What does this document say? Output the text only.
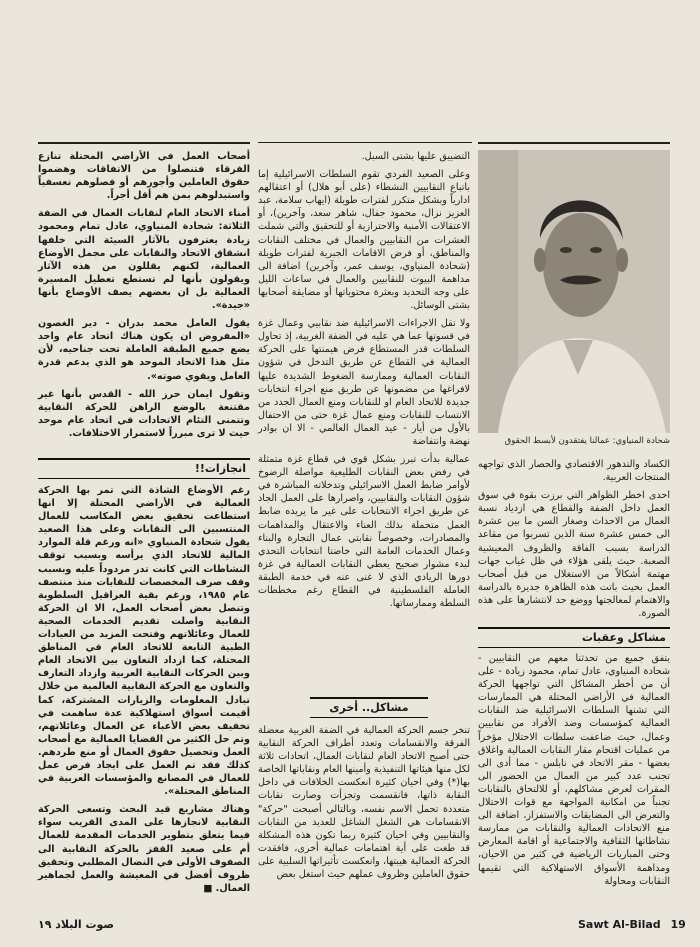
شحادة المنياوي: عمالنا يفتقدون لأبسط الحقوق

الكساد والتدهور الاقتصادي والحصار الذي تواجهه المنتجات العربية.

احدى اخطر الظواهر التي برزت بقوة في سوق العمل داخل الضفة والقطاع هي ازدياد نسبة العمال من الاحداث وصغار السن ما بين عشرة الى خمس عشرة سنة الذين تسربوا من مقاعد الدراسة بسبب الفاقة والظروف المعيشية الصعبة. حيث يلقى هؤلاء في ظل غياب جهات مهتمة أشكالاً من الاستغلال من قبل أصحاب العمل بحيث باتت هذه الظاهرة جديرة بالدراسة والاهتمام لمعالجتها ووضع حد لانتشارها على هذه الصورة.

مشاكل وعقبات

يتفق جميع من تحدثنا معهم من النقابيين - شحادة المنياوي، عادل تمام، محمود زيادة - على أن من أخطر المشاكل التي تواجهها الحركة العمالية في الأراضي المحتلة هي الممارسات التي تشنها السلطات الاسرائيلية ضد النقابات العمالية كمؤسسات وضد الأفراد من نقابيين وعمال، حيث ضاعفت سلطات الاحتلال مؤخراً من عمليات اقتحام مقار النقابات العمالية واغلاق بعضها - مقر الاتحاد في نابلس - مما أدى الى تجنب عدد كبير من العمال من الحضور الى المقرات لعرض مشاكلهم، أو للالتحاق بالنقابات تجنباً من امكانية المواجهة مع قوات الاحتلال والتعرض الى المضايقات والاستفزاز، اضافة الى منع الاتحادات العمالية والنقابات من ممارسة نشاطاتها الثقافية والاجتماعية أو اقامة المعارض وحتى المباريات الرياضية في كثير من الاحيان، ومداهمة الأسواق الاستهلاكية التي تقيمها النقابات ومحاولة

التضييق عليها بشتى السبل.

وعلى الصعيد الفردي تقوم السلطات الاسرائيلية إما باتباع النقابيين النشطاء (على أبو هلال) أو اعتقالهم ادارياً وبشكل متكرر لفترات طويلة (ايهاب سلامة، عبد العزيز نزال، محمود جفال، شاهر سعد، وآخرين)، أو الاعتقالات الأمنية والاحترازية أو للتحقيق والتي شملت العشرات من النقابيين والعمال في مختلف النقابات والمناطق، أو فرض الاقامات الجبرية لفترات طويلة (شحادة المنياوي، يوسف عمر، وآخرين) اضافة الى مداهمة البيوت للنقابيين والعمال في ساعات الليل على وجه التحديد وبعثرة محتوياتها أو مضايقة أصحابها بشتى الوسائل.

ولا تقل الاجراءات الاسرائيلية ضد نقابيي وعمال غزة في قسوتها عما هي عليه في الضفة الغربية، إذ تحاول السلطات قدر المستطاع فرض هيمنتها على الحركة العمالية في القطاع عن طريق التدخل في شؤون النقابات العمالية وممارسة الضغوط الشديدة عليها لافراغها من مضمونها عن طريق منع اجراء انتخابات جديدة للاتحاد العام او للنقابات ومنع العمال الجدد من الانتساب للنقابات ومنع عمال غزة حتى من الاحتفال بالأول من أيار - عيد العمال العالمي - الا ان بوادر نهضة وانتفاضة

عمالية بدأت تبرز بشكل قوي في قطاع غزة متمثلة في رفض بعض النقابات الطليعية مواصلة الرضوخ لأوامر ضابط العمل الاسرائيلي وتدخلاته المباشرة في شؤون النقابات والنقابيين، واصرارها على العمل الجاد عن طريق اجراء الانتخابات على غير ما يريده ضابط العمل متحملة بذلك العناء والاعتقال والمداهمات والمصادرات، وخصوصاً نقابتي عمال التجارة والبناء وعمال الخدمات العامة التي خاضتا انتخابات التحدي لبدء مشوار صحيح يعطي النقابات العمالية في غزة دورها الريادي الذي لا غنى عنه في خدمة الطبقة العاملة الفلسطينية في القطاع رغم مخططات السلطة وممارساتها.

مشاكل.. أخرى

تنخر جسم الحركة العمالية في الضفة الغربية معضلة الفرقة والانقسامات وتعدد أطراف الحركة النقابية حتى أصبح الاتحاد العام لنقابات العمال، اتحادات ثلاثة لكل منها هيئاتها التنفيذية وأمينها العام ونقاباتها الخاصة بها(*) وفي احيان كثيرة انعكست الخلافات في داخل النقابة ذاتها، فانقسمت وتجزأت وصارت نقابات متعددة تحمل الاسم نفسه، وبالتالي أصبحت "حركة" الانقسامات هي الشغل الشاغل للعديد من النقابات والنقابيين وفي احيان كثيرة ربما تكون هذه المشكلة قد طغت على أية اهتمامات عمالية أخرى، فافقدت الحركة العمالية هيبتها، وانعكست تأثيراتها السلبية على حقوق العاملين وظروف عملهم حيث استغل بعض

أصحاب العمل في الأراضي المحتلة تنازع الفرقاء فتنصلوا من الاتفاقات وهضموا حقوق العاملين وأجورهم أو فصلوهم تعسفياً واستبدلوهم بمن هم أقل أجراً.

أمناء الاتحاد العام لنقابات العمال في الضفة الثلاثة: شحادة المنياوي، عادل تمام ومحمود زيادة يعترفون بالآثار السيئة التي خلفها انشقاق الاتحاد والنقابات على مجمل الأوضاع العمالية، لكنهم يقللون من هذه الآثار ويقولون بأنها لم تستطع تعطيل المسيرة العمالية بل ان بعضهم يصف الأوضاع بأنها «جيدة».

يقول العامل محمد بدران - دير الغصون «المفروض ان يكون هناك اتحاد عام واحد يضع جميع الطبقة العاملة تحت جناحيه، لأن مثل هذا الاتحاد الموحد هو الذي يدعم قدرة العامل ويقوي صوته».

وتقول ايمان حرز الله - القدس بأنها غير مقتنعة بالوضع الراهن للحركة النقابية وتتمنى التئام الاتحادات في اتحاد عام موحد حيث لا ترى مبرراً لاستمرار الاختلافات.

انجازات!!

رغم الأوضاع الشاذة التي تمر بها الحركة العمالية في الأراضي المحتلة إلا انها استطاعت تحقيق بعض المكاسب للعمال المنتسبين الى النقابات وعلى هذا الصعيد يقول شحادة المنياوي «انه ورغم قلة الموارد المالية للاتحاد الذي يرأسه وبسبب توقف النشاطات التي كانت تدر مردوداً عليه وبسبب وقف صرف المخصصات للنقابات منذ منتصف عام ١٩٨٥، ورغم بقية العراقيل السلطوية وتنصل بعض أصحاب العمل، الا ان الحركة النقابية واصلت تقديم الخدمات الصحية للعمال وعائلاتهم وفتحت المزيد من العيادات الطبية التابعة للاتحاد العام في المناطق المحتلة، كما ازداد التعاون بين الاتحاد العام وبين الحركات النقابية العربية وازداد التعارف والتعاون مع الحركة النقابية العالمية من خلال تبادل المعلومات والزيارات المشتركة، كما أقيمت أسواق استهلاكية عدة ساهمت في تخفيف بعض الأعباء عن العمال وعائلاتهم، وتم حل الكثير من القضايا العمالية مع أصحاب العمل وتحصيل حقوق العمال أو منع طردهم. كذلك فقد تم العمل على ايجاد فرص عمل للعمال في المصانع والمؤسسات العربية في المناطق المحتلة».

وهناك مشاريع قيد البحث وتسعى الحركة النقابية لانجازها على المدى القريب سواء فيما يتعلق بتطوير الخدمات المقدمة للعمال أم على صعيد القفز بالحركة النقابية الى الصفوف الأولى في النضال المطلبي وتحقيق ظروف أفضل في المعيشة والعمل لجماهير العمال. ■

صوت البلاد ١٩	Sawt Al-Bilad 19
